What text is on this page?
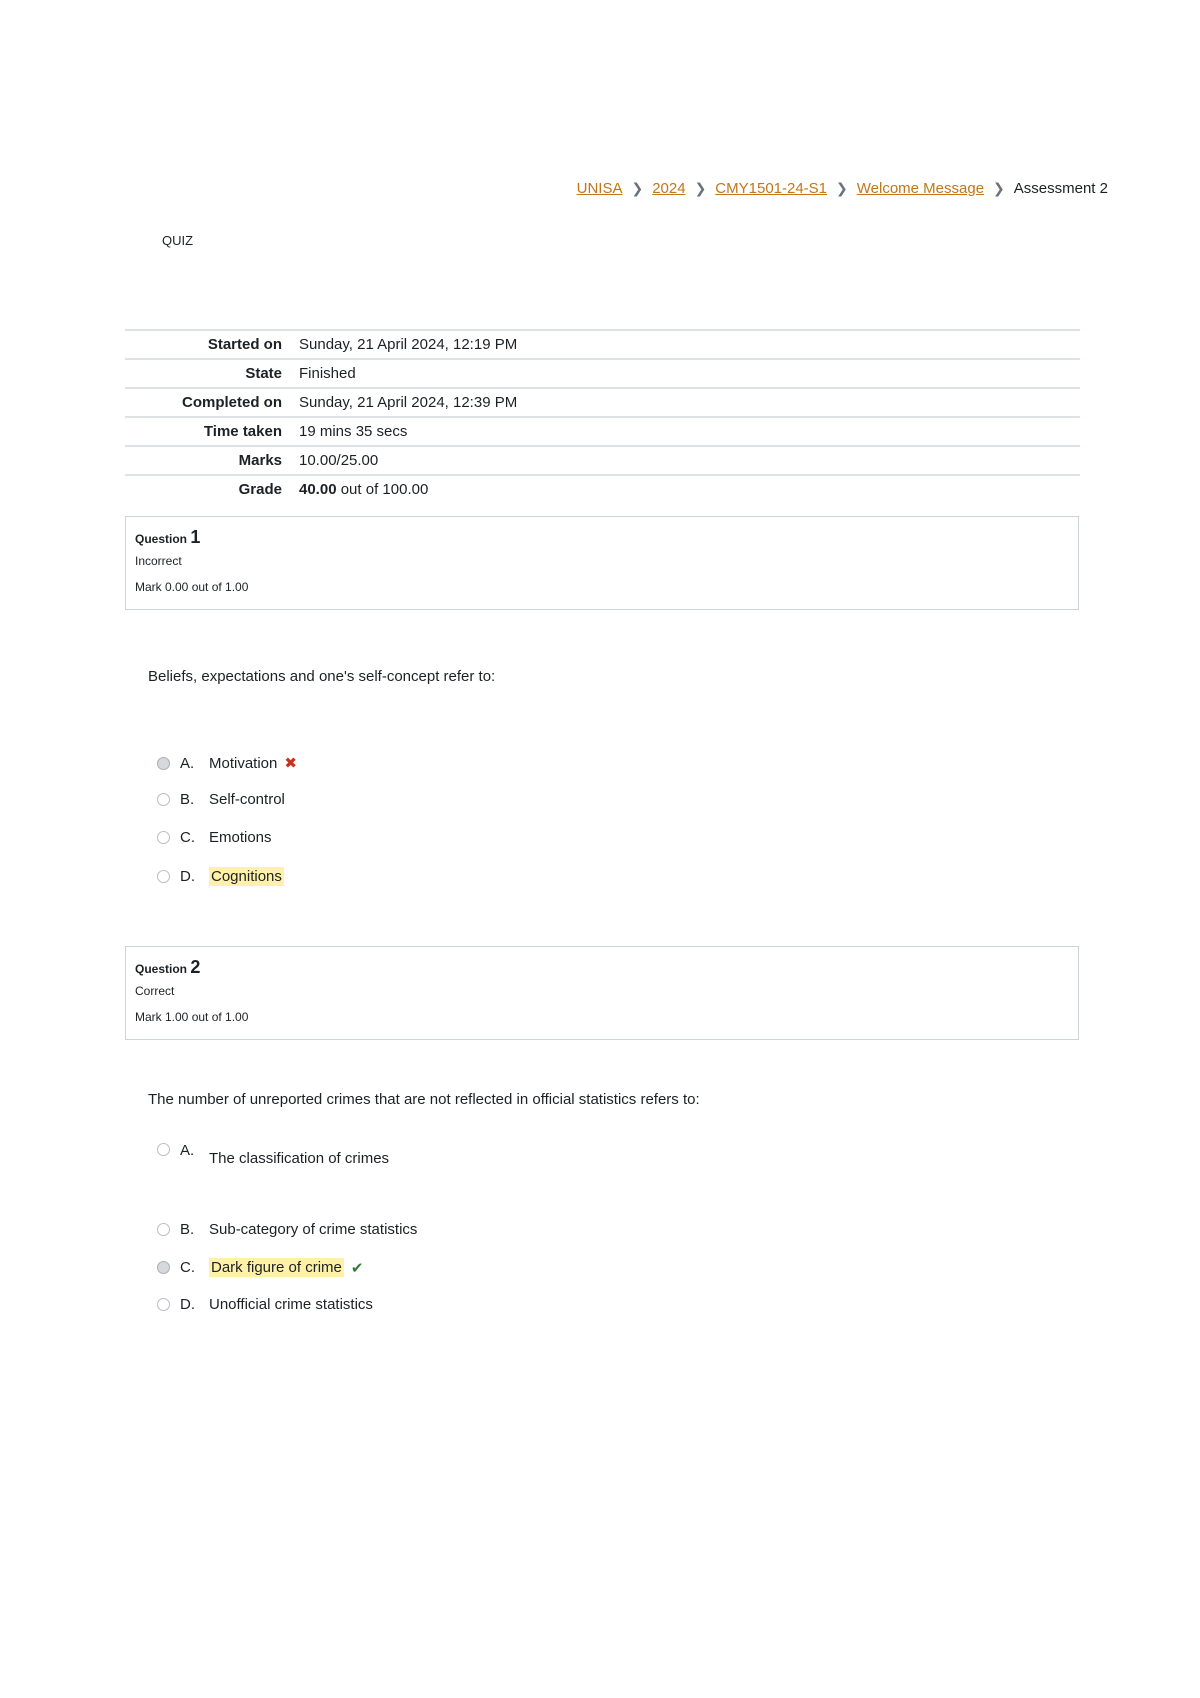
UNISA ❯ 2024 ❯ CMY1501-24-S1 ❯ Welcome Message ❯ Assessment 2
QUIZ
Started on	Sunday, 21 April 2024, 12:19 PM
State	Finished
Completed on	Sunday, 21 April 2024, 12:39 PM
Time taken	19 mins 35 secs
Marks	10.00/25.00
Grade	40.00 out of 100.00
Question 1
Incorrect
Mark 0.00 out of 1.00
Beliefs, expectations and one's self-concept refer to:
A. Motivation ✖
B. Self-control
C. Emotions
D.	Cognitions
Question 2
Correct
Mark 1.00 out of 1.00
The number of unreported crimes that are not reflected in official statistics refers to:
A. The classification of crimes
B. Sub-category of crime statistics
C.	Dark figure of crime ✔
D. Unofficial crime statistics
